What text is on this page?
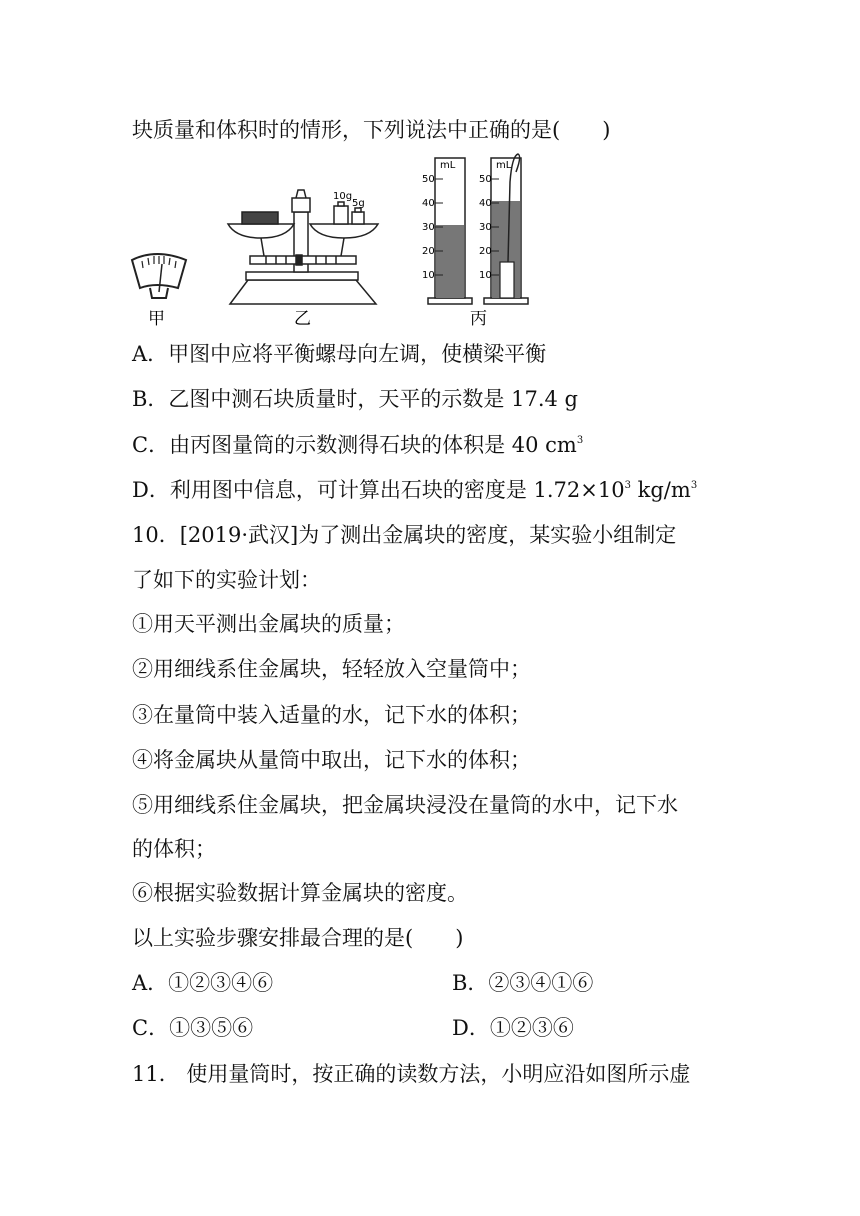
块质量和体积时的情形，下列说法中正确的是(　　)
甲
10g
5g
乙	丙
50
40
30
20
10
mL
50
40
30
20
10
mL
A．甲图中应将平衡螺母向左调，使横梁平衡
B．乙图中测石块质量时，天平的示数是 17.4 g
C．由丙图量筒的示数测得石块的体积是 40 $cm^3$
D．利用图中信息，可计算出石块的密度是 $1.72\times 10^3$ $kg/m^3$
10．[2019·武汉]为了测出金属块的密度，某实验小组制定
了如下的实验计划：
①用天平测出金属块的质量；
②用细线系住金属块，轻轻放入空量筒中；
③在量筒中装入适量的水，记下水的体积；
④将金属块从量筒中取出，记下水的体积；
⑤用细线系住金属块，把金属块浸没在量筒的水中，记下水
的体积；
⑥根据实验数据计算金属块的密度。
以上实验步骤安排最合理的是(　　)
A．①②③④⑥	B．②③④①⑥
C．①③⑤⑥	D．①②③⑥
11． 使用量筒时，按正确的读数方法，小明应沿如图所示虚
